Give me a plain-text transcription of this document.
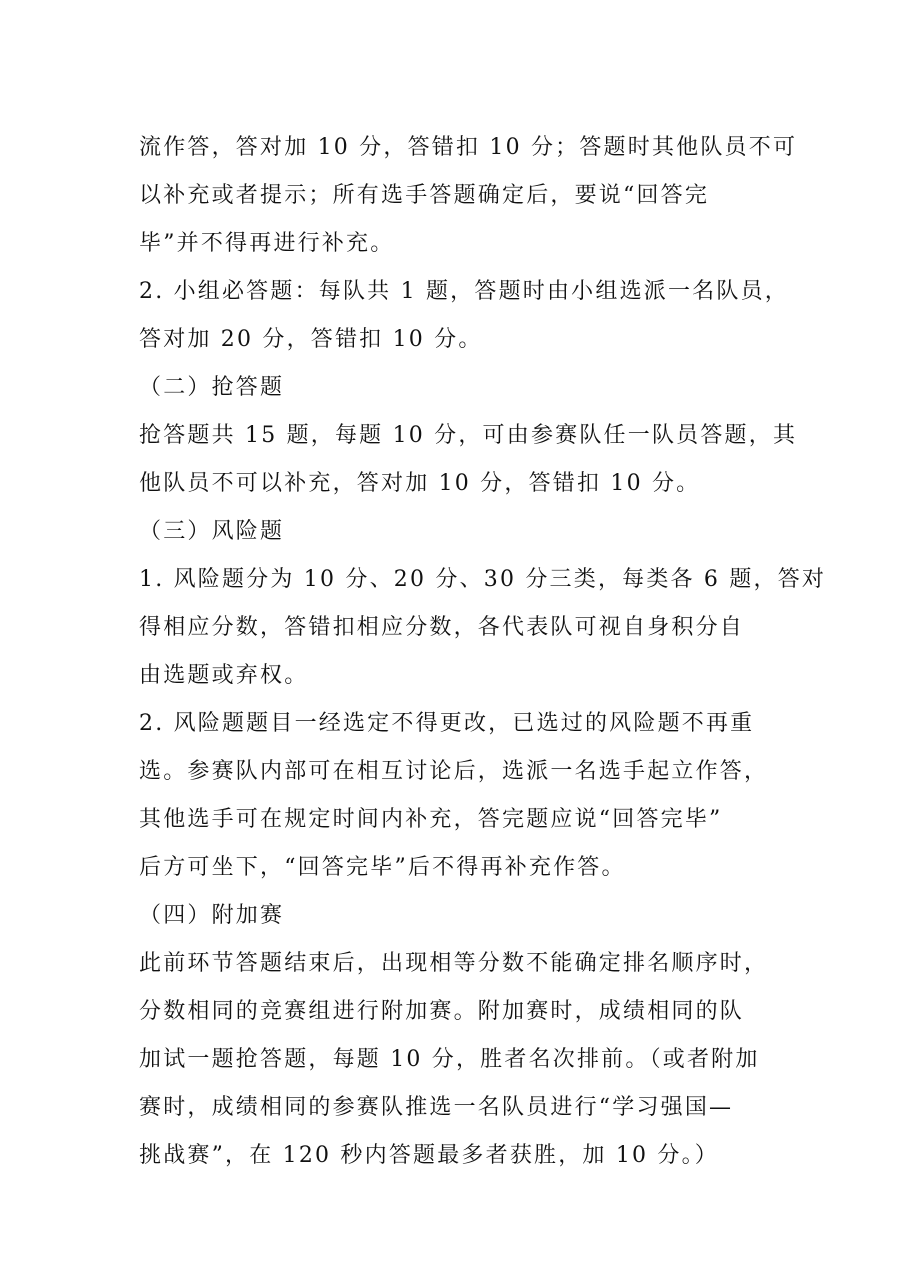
流作答，答对加 10 分，答错扣 10 分；答题时其他队员不可
以补充或者提示；所有选手答题确定后，要说“回答完
毕”并不得再进行补充。
2. 小组必答题：每队共 1 题，答题时由小组选派一名队员，
答对加 20 分，答错扣 10 分。
（二）抢答题
抢答题共 15 题，每题 10 分，可由参赛队任一队员答题，其
他队员不可以补充，答对加 10 分，答错扣 10 分。
（三）风险题
1. 风险题分为 10 分、20 分、30 分三类，每类各 6 题，答对
得相应分数，答错扣相应分数，各代表队可视自身积分自
由选题或弃权。
2. 风险题题目一经选定不得更改，已选过的风险题不再重
选。参赛队内部可在相互讨论后，选派一名选手起立作答，
其他选手可在规定时间内补充，答完题应说“回答完毕”
后方可坐下，“回答完毕”后不得再补充作答。
（四）附加赛
此前环节答题结束后，出现相等分数不能确定排名顺序时，
分数相同的竞赛组进行附加赛。附加赛时，成绩相同的队
加试一题抢答题，每题 10 分，胜者名次排前。（或者附加
赛时，成绩相同的参赛队推选一名队员进行“学习强国—
挑战赛”，在 120 秒内答题最多者获胜，加 10 分。）
